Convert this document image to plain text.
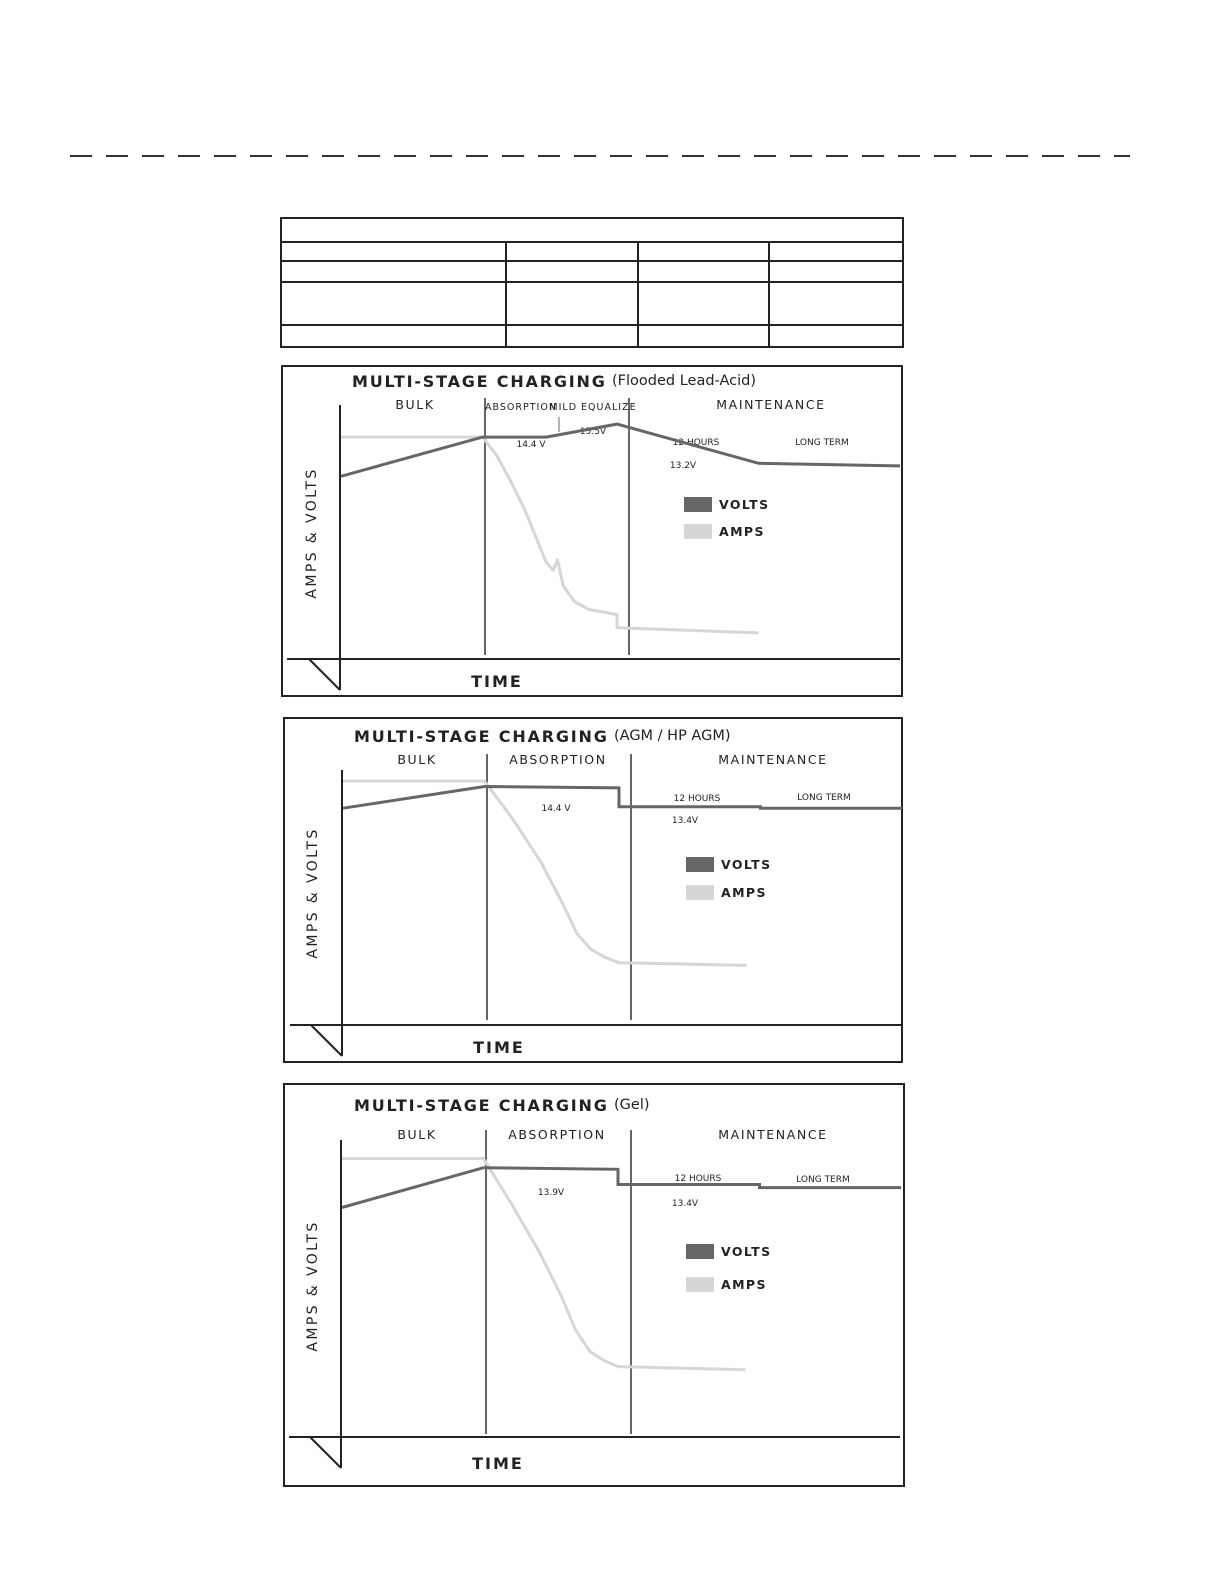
MULTI-STAGE CHARGING (Flooded Lead-Acid)
BULK	ABSORPTION
MILD EQUALIZE	MAINTENANCE
12 HOURS	LONG TERM
14.4 V
15.5V
13.2V
AMPS & VOLTS
TIME
VOLTS
AMPS
MULTI-STAGE CHARGING (AGM / HP AGM)
BULK	ABSORPTION	MAINTENANCE
12 HOURS	LONG TERM
14.4 V
13.4V
AMPS & VOLTS
TIME
VOLTS
AMPS
MULTI-STAGE CHARGING (Gel)
BULK	ABSORPTION	MAINTENANCE
12 HOURS	LONG TERM
13.9V
13.4V
AMPS & VOLTS
TIME
VOLTS
AMPS
